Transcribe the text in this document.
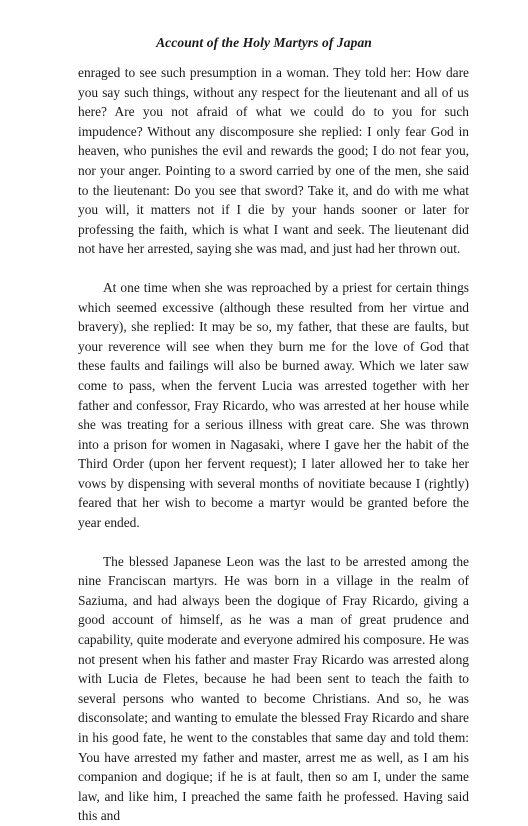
Account of the Holy Martyrs of Japan

enraged to see such presumption in a woman. They told her: How dare you say such things, without any respect for the lieutenant and all of us here? Are you not afraid of what we could do to you for such impudence? Without any discomposure she replied: I only fear God in heaven, who punishes the evil and rewards the good; I do not fear you, nor your anger. Pointing to a sword carried by one of the men, she said to the lieutenant: Do you see that sword? Take it, and do with me what you will, it matters not if I die by your hands sooner or later for professing the faith, which is what I want and seek. The lieutenant did not have her arrested, saying she was mad, and just had her thrown out.

At one time when she was reproached by a priest for certain things which seemed excessive (although these resulted from her virtue and bravery), she replied: It may be so, my father, that these are faults, but your reverence will see when they burn me for the love of God that these faults and failings will also be burned away. Which we later saw come to pass, when the fervent Lucia was arrested together with her father and confessor, Fray Ricardo, who was arrested at her house while she was treating for a serious illness with great care. She was thrown into a prison for women in Nagasaki, where I gave her the habit of the Third Order (upon her fervent request); I later allowed her to take her vows by dispensing with several months of novitiate because I (rightly) feared that her wish to become a martyr would be granted before the year ended.

The blessed Japanese Leon was the last to be arrested among the nine Franciscan martyrs. He was born in a village in the realm of Saziuma, and had always been the dogique of Fray Ricardo, giving a good account of himself, as he was a man of great prudence and capability, quite moderate and everyone admired his composure. He was not present when his father and master Fray Ricardo was arrested along with Lucia de Fletes, because he had been sent to teach the faith to several persons who wanted to become Christians. And so, he was disconsolate; and wanting to emulate the blessed Fray Ricardo and share in his good fate, he went to the constables that same day and told them: You have arrested my father and master, arrest me as well, as I am his companion and dogique; if he is at fault, then so am I, under the same law, and like him, I preached the same faith he professed. Having said this and
